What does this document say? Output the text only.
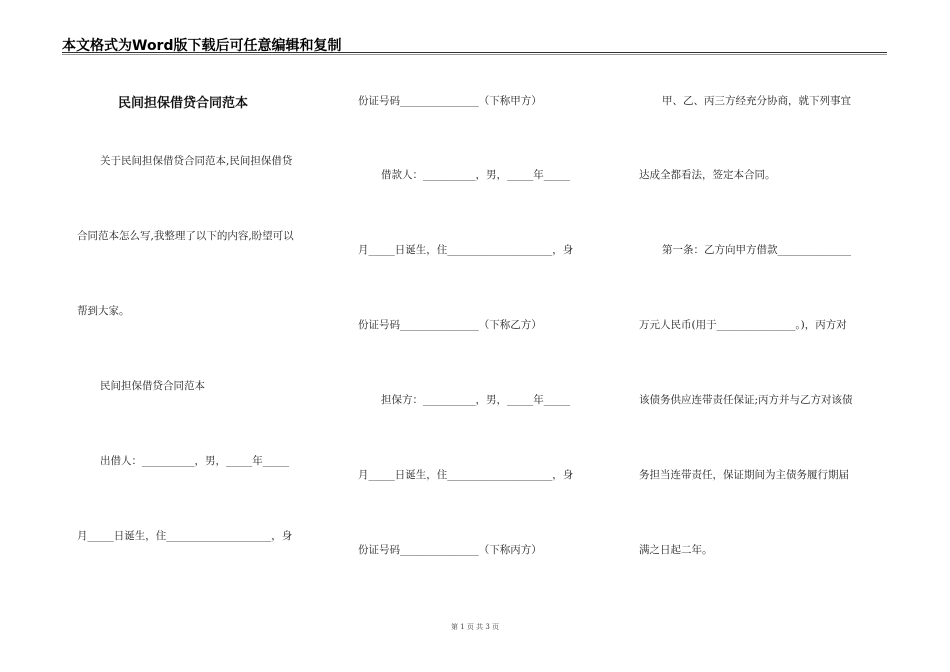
本文格式为Word版下载后可任意编辑和复制
民间担保借贷合同范本
关于民间担保借贷合同范本,民间担保借贷
合同范本怎么写,我整理了以下的内容,盼望可以
帮到大家。
民间担保借贷合同范本
出借人：__________，男，_____年_____
月_____日诞生，住____________________，身
份证号码_______________（下称甲方）
借款人：__________，男，_____年_____
月_____日诞生，住____________________，身
份证号码_______________（下称乙方）
担保方：__________，男，_____年_____
月_____日诞生，住____________________，身
份证号码_______________（下称丙方）
甲、乙、丙三方经充分协商，就下列事宜
达成全都看法，签定本合同。
第一条：乙方向甲方借款______________
万元人民币(用于_______________。)，丙方对
该债务供应连带责任保证;丙方并与乙方对该债
务担当连带责任，保证期间为主债务履行期届
满之日起二年。
第 1 页 共 3 页
